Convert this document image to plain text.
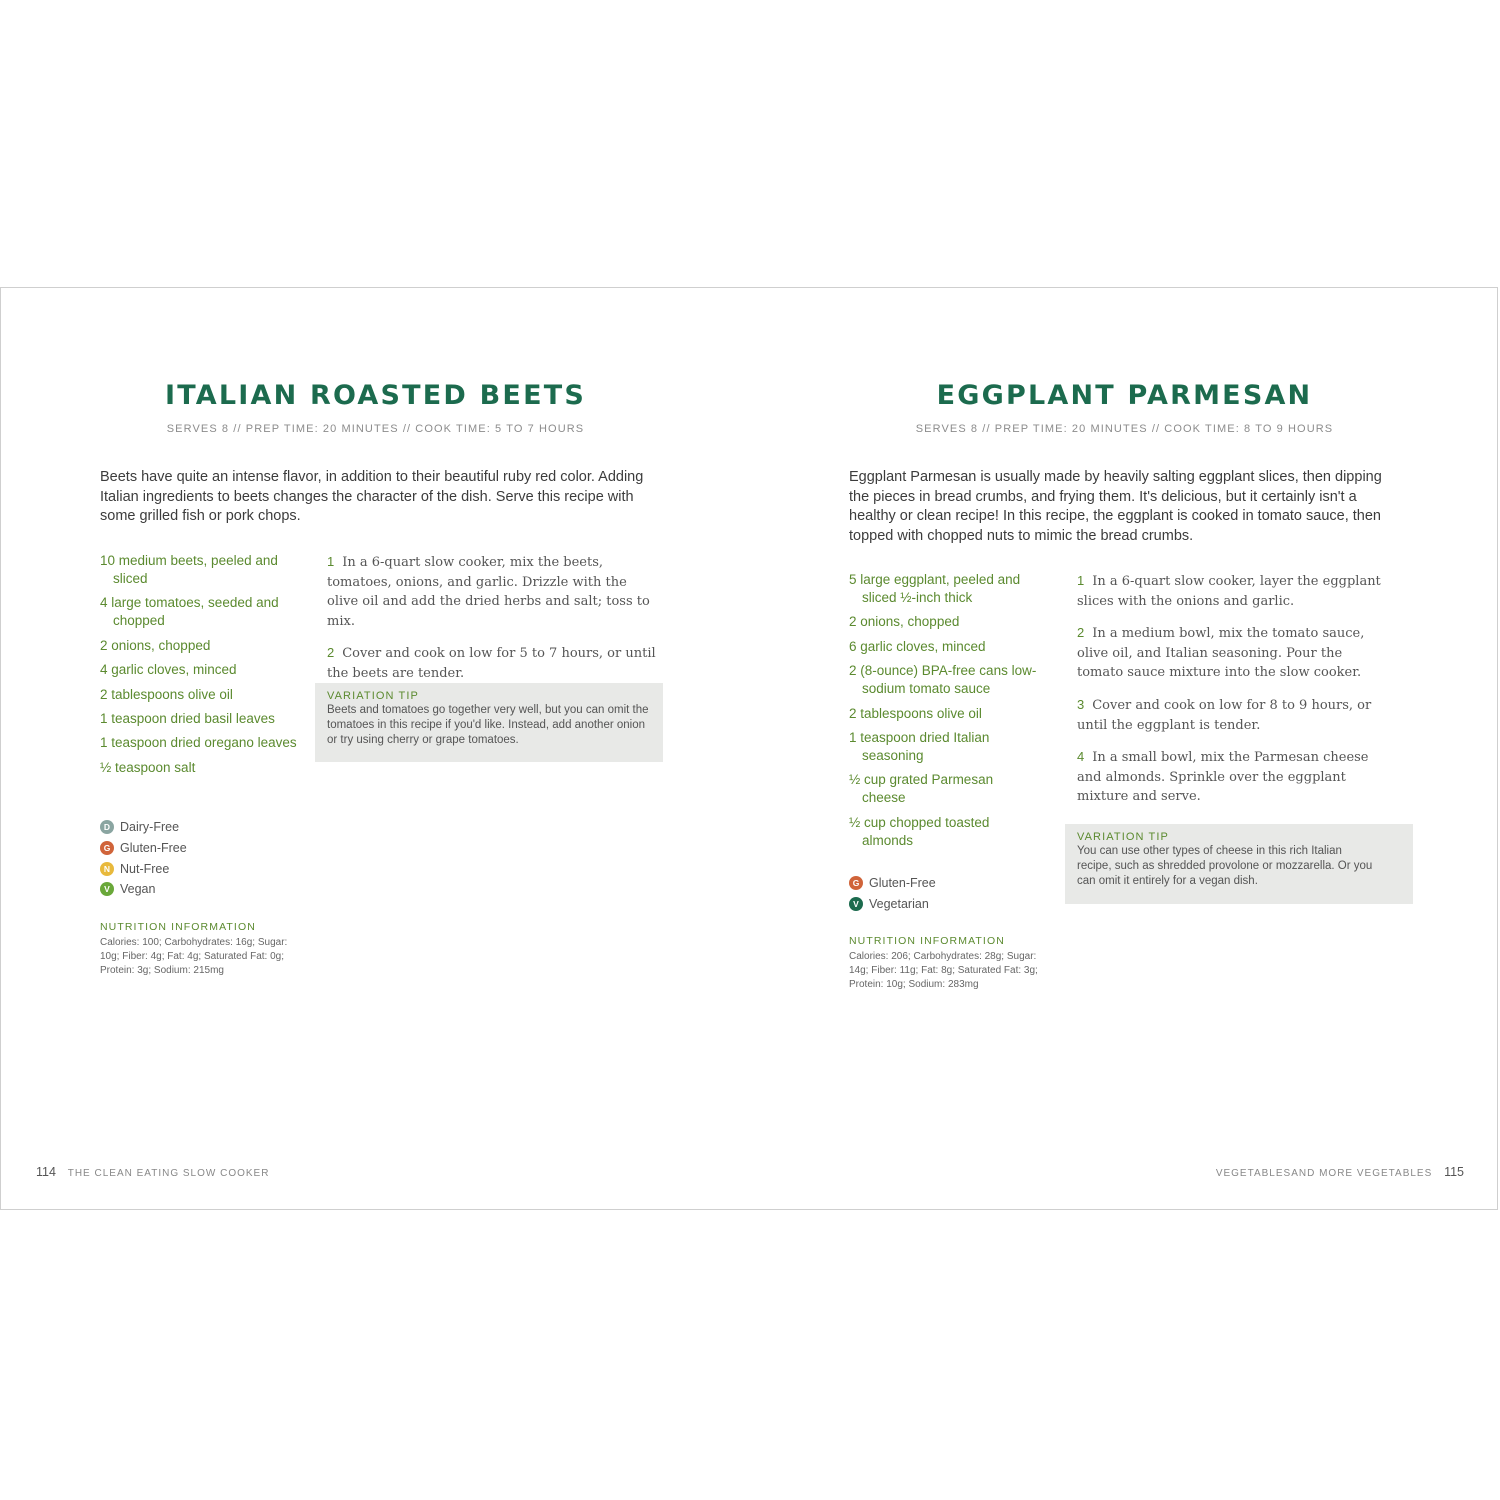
ITALIAN ROASTED BEETS
SERVES 8 // PREP TIME: 20 MINUTES // COOK TIME: 5 TO 7 HOURS

Beets have quite an intense flavor, in addition to their beautiful ruby red color. Adding Italian ingredients to beets changes the character of the dish. Serve this recipe with some grilled fish or pork chops.

10 medium beets, peeled and sliced
4 large tomatoes, seeded and chopped
2 onions, chopped
4 garlic cloves, minced
2 tablespoons olive oil
1 teaspoon dried basil leaves
1 teaspoon dried oregano leaves
½ teaspoon salt
D Dairy-Free
G Gluten-Free
N Nut-Free
V Vegan
NUTRITION INFORMATION
Calories: 100; Carbohydrates: 16g; Sugar: 10g; Fiber: 4g; Fat: 4g; Saturated Fat: 0g; Protein: 3g; Sodium: 215mg
1 In a 6-quart slow cooker, mix the beets, tomatoes, onions, and garlic. Drizzle with the olive oil and add the dried herbs and salt; toss to mix.
2 Cover and cook on low for 5 to 7 hours, or until the beets are tender.
VARIATION TIP
Beets and tomatoes go together very well, but you can omit the tomatoes in this recipe if you'd like. Instead, add another onion or try using cherry or grape tomatoes.
114 THE CLEAN EATING SLOW COOKER
EGGPLANT PARMESAN
SERVES 8 // PREP TIME: 20 MINUTES // COOK TIME: 8 TO 9 HOURS

Eggplant Parmesan is usually made by heavily salting eggplant slices, then dipping the pieces in bread crumbs, and frying them. It's delicious, but it certainly isn't a healthy or clean recipe! In this recipe, the eggplant is cooked in tomato sauce, then topped with chopped nuts to mimic the bread crumbs.

5 large eggplant, peeled and sliced ½-inch thick
2 onions, chopped
6 garlic cloves, minced
2 (8-ounce) BPA-free cans low-sodium tomato sauce
2 tablespoons olive oil
1 teaspoon dried Italian seasoning
½ cup grated Parmesan cheese
½ cup chopped toasted almonds
G Gluten-Free
V Vegetarian
NUTRITION INFORMATION
Calories: 206; Carbohydrates: 28g; Sugar: 14g; Fiber: 11g; Fat: 8g; Saturated Fat: 3g; Protein: 10g; Sodium: 283mg
1 In a 6-quart slow cooker, layer the eggplant slices with the onions and garlic.
2 In a medium bowl, mix the tomato sauce, olive oil, and Italian seasoning. Pour the tomato sauce mixture into the slow cooker.
3 Cover and cook on low for 8 to 9 hours, or until the eggplant is tender.
4 In a small bowl, mix the Parmesan cheese and almonds. Sprinkle over the eggplant mixture and serve.
VARIATION TIP
You can use other types of cheese in this rich Italian recipe, such as shredded provolone or mozzarella. Or you can omit it entirely for a vegan dish.
VEGETABLESAND MORE VEGETABLES 115
